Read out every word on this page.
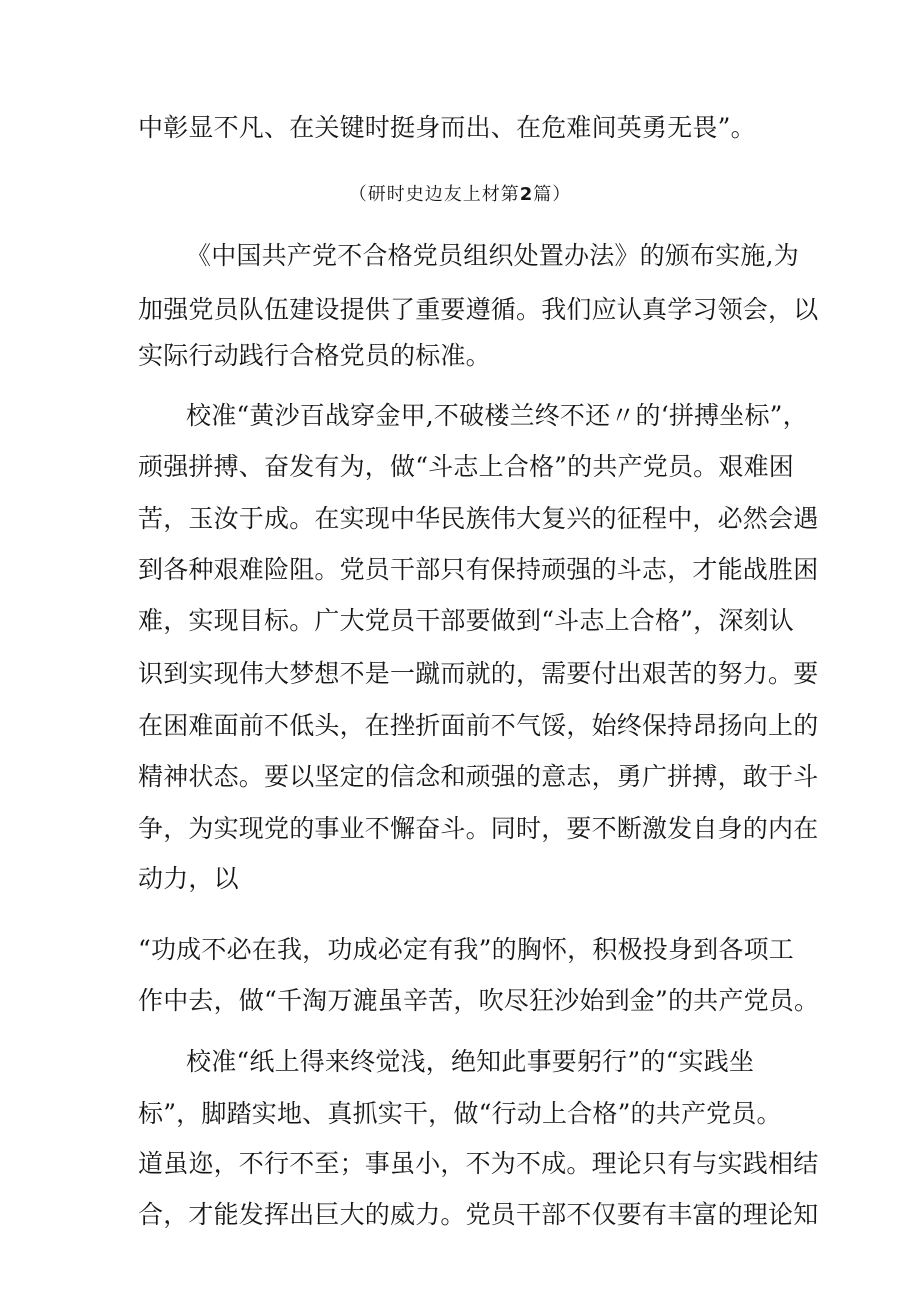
中彰显不凡、在关键时挺身而出、在危难间英勇无畏”。
（研时史边友上材第2篇）
《中国共产党不合格党员组织处置办法》的颁布实施,为
加强党员队伍建设提供了重要遵循。我们应认真学习领会，以
实际行动践行合格党员的标准。
校准“黄沙百战穿金甲,不破楼兰终不还〃的‘拼搏坐标”，
顽强拼搏、奋发有为，做“斗志上合格”的共产党员。艰难困
苦，玉汝于成。在实现中华民族伟大复兴的征程中，必然会遇
到各种艰难险阻。党员干部只有保持顽强的斗志，才能战胜困
难，实现目标。广大党员干部要做到“斗志上合格”，深刻认
识到实现伟大梦想不是一蹴而就的，需要付出艰苦的努力。要
在困难面前不低头，在挫折面前不气馁，始终保持昂扬向上的
精神状态。要以坚定的信念和顽强的意志，勇广拼搏，敢于斗
争，为实现党的事业不懈奋斗。同时，要不断激发自身的内在
动力，以
“功成不必在我，功成必定有我”的胸怀，积极投身到各项工
作中去，做“千淘万漉虽辛苦，吹尽狂沙始到金”的共产党员。
校准“纸上得来终觉浅，绝知此事要躬行”的“实践坐
标”，脚踏实地、真抓实干，做“行动上合格”的共产党员。
道虽迩，不行不至；事虽小，不为不成。理论只有与实践相结
合，才能发挥出巨大的威力。党员干部不仅要有丰富的理论知
